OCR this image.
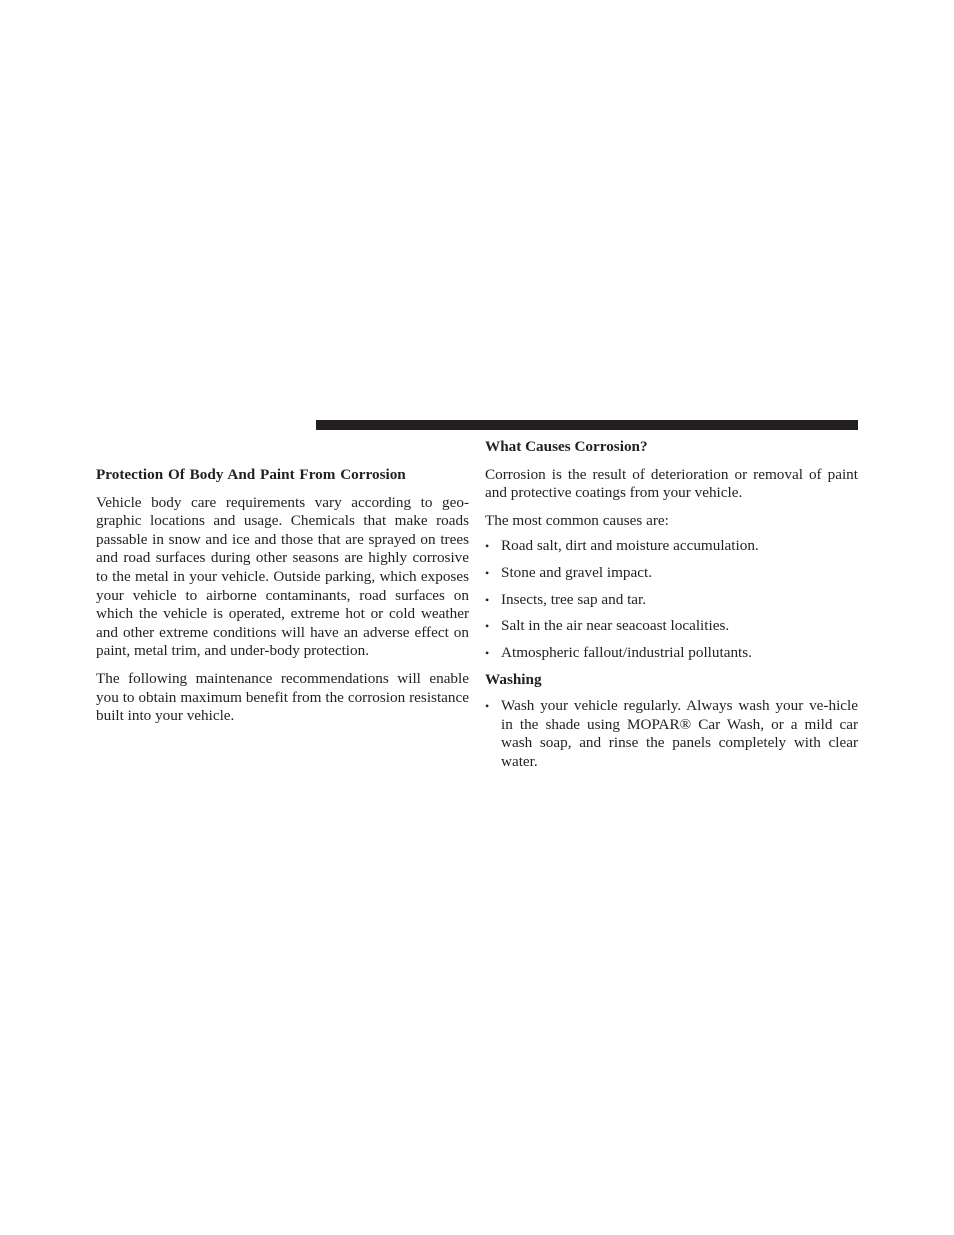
Protection Of Body And Paint From Corrosion

Vehicle body care requirements vary according to geo-graphic locations and usage. Chemicals that make roads passable in snow and ice and those that are sprayed on trees and road surfaces during other seasons are highly corrosive to the metal in your vehicle. Outside parking, which exposes your vehicle to airborne contaminants, road surfaces on which the vehicle is operated, extreme hot or cold weather and other extreme conditions will have an adverse effect on paint, metal trim, and under-body protection.

The following maintenance recommendations will enable you to obtain maximum benefit from the corrosion resistance built into your vehicle.

What Causes Corrosion?

Corrosion is the result of deterioration or removal of paint and protective coatings from your vehicle.

The most common causes are:

• Road salt, dirt and moisture accumulation.
• Stone and gravel impact.
• Insects, tree sap and tar.
• Salt in the air near seacoast localities.
• Atmospheric fallout/industrial pollutants.
Washing
• Wash your vehicle regularly. Always wash your ve-hicle in the shade using MOPAR® Car Wash, or a mild car wash soap, and rinse the panels completely with clear water.
